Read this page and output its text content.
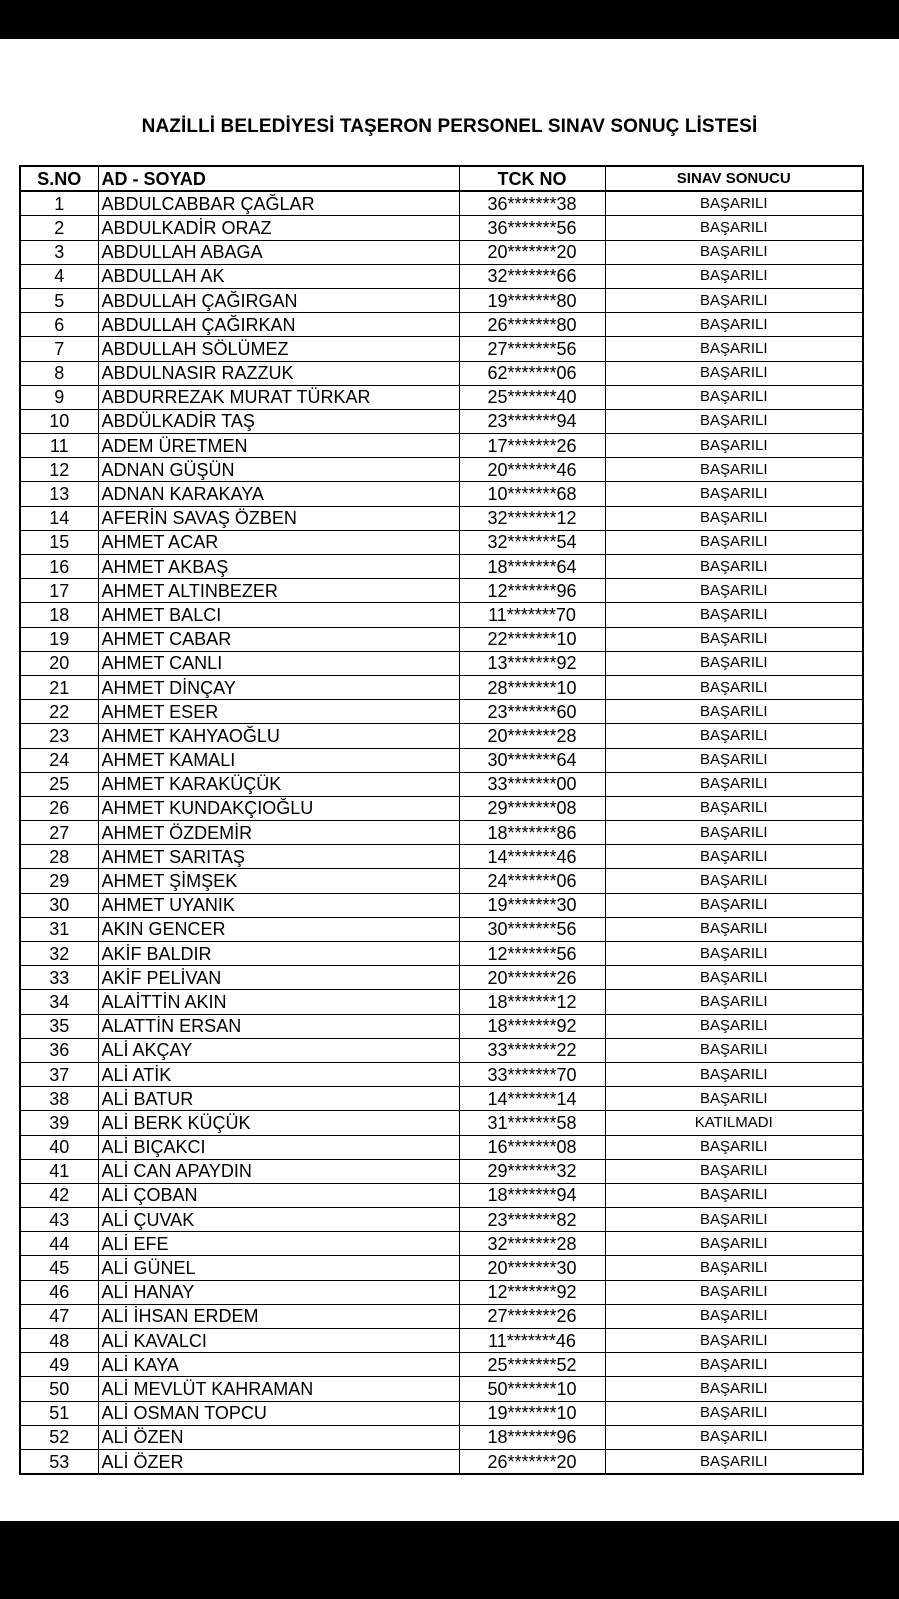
NAZİLLİ BELEDİYESİ TAŞERON PERSONEL SINAV SONUÇ LİSTESİ
S.NO	AD - SOYAD	TCK NO	SINAV SONUCU
1	ABDULCABBAR ÇAĞLAR	36*******38	BAŞARILI
2	ABDULKADİR ORAZ	36*******56	BAŞARILI
3	ABDULLAH ABAGA	20*******20	BAŞARILI
4	ABDULLAH AK	32*******66	BAŞARILI
5	ABDULLAH ÇAĞIRGAN	19*******80	BAŞARILI
6	ABDULLAH ÇAĞIRKAN	26*******80	BAŞARILI
7	ABDULLAH SÖLÜMEZ	27*******56	BAŞARILI
8	ABDULNASIR RAZZUK	62*******06	BAŞARILI
9	ABDURREZAK MURAT TÜRKAR	25*******40	BAŞARILI
10	ABDÜLKADİR TAŞ	23*******94	BAŞARILI
11	ADEM ÜRETMEN	17*******26	BAŞARILI
12	ADNAN GÜŞÜN	20*******46	BAŞARILI
13	ADNAN KARAKAYA	10*******68	BAŞARILI
14	AFERİN SAVAŞ ÖZBEN	32*******12	BAŞARILI
15	AHMET ACAR	32*******54	BAŞARILI
16	AHMET AKBAŞ	18*******64	BAŞARILI
17	AHMET ALTINBEZER	12*******96	BAŞARILI
18	AHMET BALCI	11*******70	BAŞARILI
19	AHMET CABAR	22*******10	BAŞARILI
20	AHMET CANLI	13*******92	BAŞARILI
21	AHMET DİNÇAY	28*******10	BAŞARILI
22	AHMET ESER	23*******60	BAŞARILI
23	AHMET KAHYAOĞLU	20*******28	BAŞARILI
24	AHMET KAMALI	30*******64	BAŞARILI
25	AHMET KARAKÜÇÜK	33*******00	BAŞARILI
26	AHMET KUNDAKÇIOĞLU	29*******08	BAŞARILI
27	AHMET ÖZDEMİR	18*******86	BAŞARILI
28	AHMET SARITAŞ	14*******46	BAŞARILI
29	AHMET ŞİMŞEK	24*******06	BAŞARILI
30	AHMET UYANIK	19*******30	BAŞARILI
31	AKIN GENCER	30*******56	BAŞARILI
32	AKİF BALDIR	12*******56	BAŞARILI
33	AKİF PELİVAN	20*******26	BAŞARILI
34	ALAİTTİN AKIN	18*******12	BAŞARILI
35	ALATTİN ERSAN	18*******92	BAŞARILI
36	ALİ AKÇAY	33*******22	BAŞARILI
37	ALİ ATİK	33*******70	BAŞARILI
38	ALİ BATUR	14*******14	BAŞARILI
39	ALİ BERK KÜÇÜK	31*******58	KATILMADI
40	ALİ BIÇAKCI	16*******08	BAŞARILI
41	ALİ CAN APAYDIN	29*******32	BAŞARILI
42	ALİ ÇOBAN	18*******94	BAŞARILI
43	ALİ ÇUVAK	23*******82	BAŞARILI
44	ALİ EFE	32*******28	BAŞARILI
45	ALİ GÜNEL	20*******30	BAŞARILI
46	ALİ HANAY	12*******92	BAŞARILI
47	ALİ İHSAN ERDEM	27*******26	BAŞARILI
48	ALİ KAVALCI	11*******46	BAŞARILI
49	ALİ KAYA	25*******52	BAŞARILI
50	ALİ MEVLÜT KAHRAMAN	50*******10	BAŞARILI
51	ALİ OSMAN TOPCU	19*******10	BAŞARILI
52	ALİ ÖZEN	18*******96	BAŞARILI
53	ALİ ÖZER	26*******20	BAŞARILI
